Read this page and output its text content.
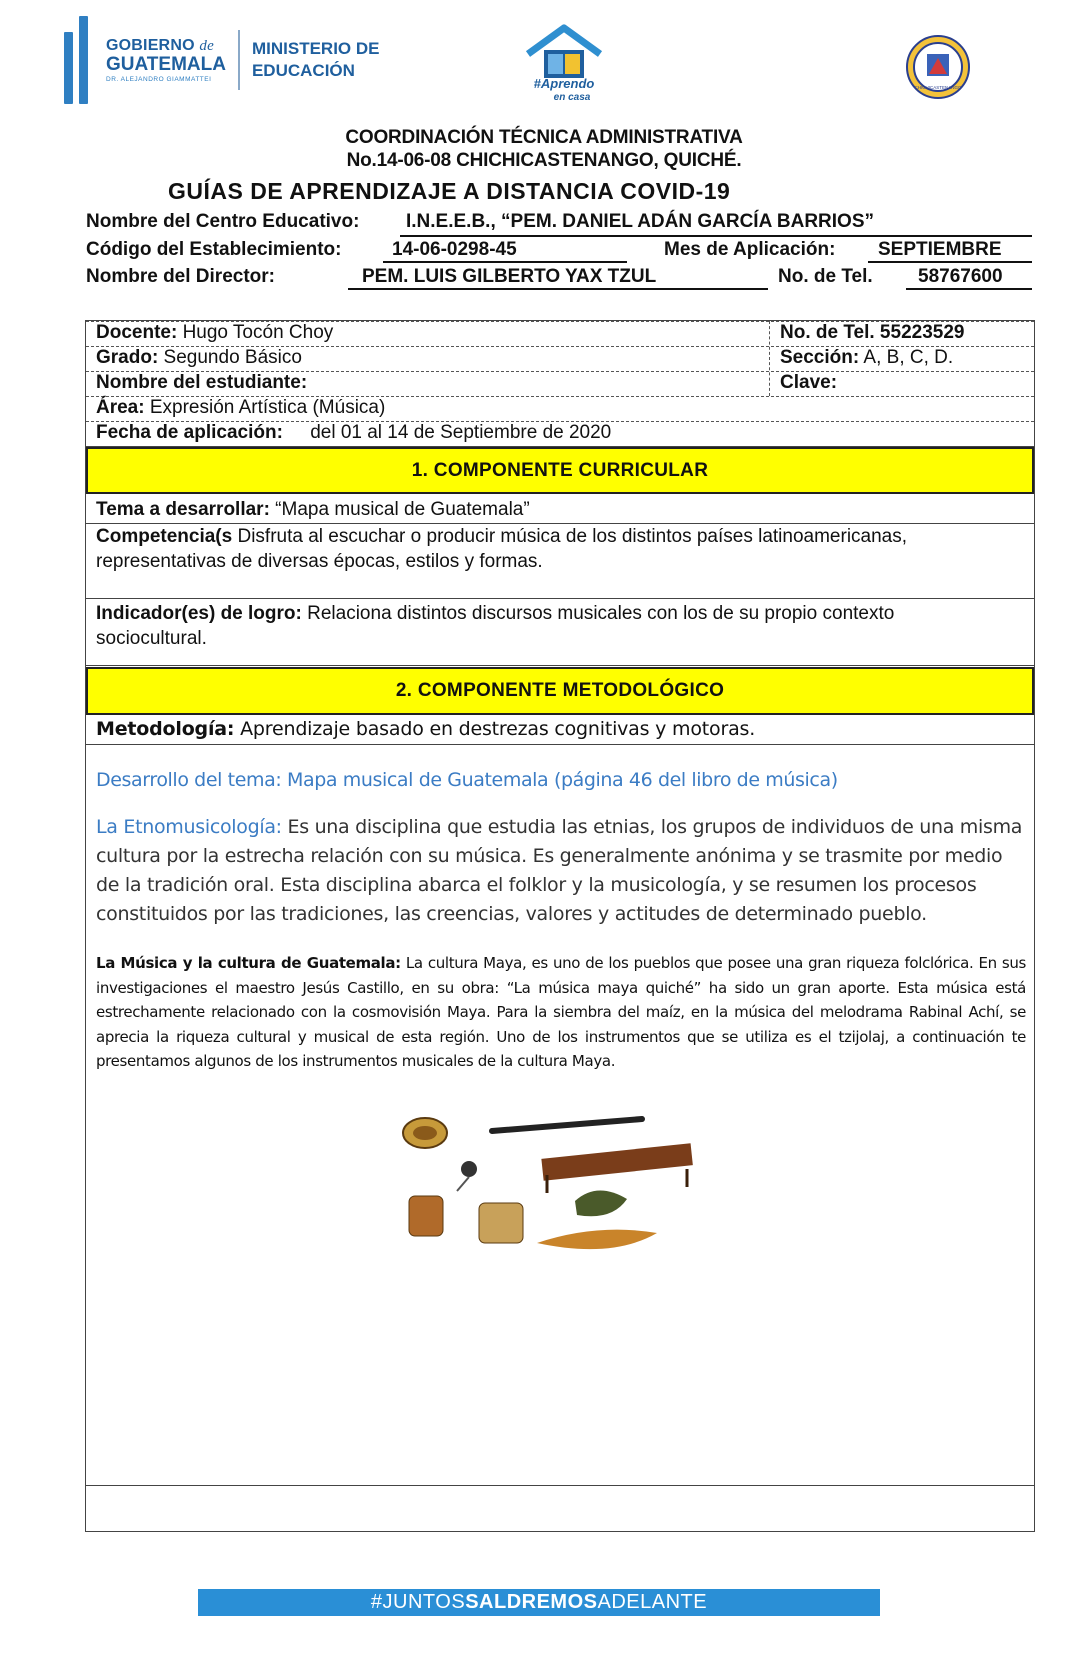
GOBIERNO de
GUATEMALA
DR. ALEJANDRO GIAMMATTEI
MINISTERIO DE
EDUCACIÓN
#Aprendo
en casa
CHICHICASTENANGO
COORDINACIÓN TÉCNICA ADMINISTRATIVA
No.14-06-08 CHICHICASTENANGO, QUICHÉ.
GUÍAS DE APRENDIZAJE A DISTANCIA COVID-19
Nombre del Centro Educativo:	I.N.E.E.B., “PEM. DANIEL ADÁN GARCÍA BARRIOS”
Código del Establecimiento:	14-06-0298-45	Mes de Aplicación:	SEPTIEMBRE
Nombre del Director:	PEM. LUIS GILBERTO YAX TZUL	No. de Tel.	58767600
Docente: Hugo Tocón Choy	No. de Tel. 55223529
Grado: Segundo Básico	Sección: A, B, C, D.
Nombre del estudiante:	Clave:
Área: Expresión Artística (Música)
Fecha de aplicación: del 01 al 14 de Septiembre de 2020
1. COMPONENTE CURRICULAR
Tema a desarrollar: “Mapa musical de Guatemala”
Competencia(s Disfruta al escuchar o producir música de los distintos países latinoamericanas,
representativas de diversas épocas, estilos y formas.
Indicador(es) de logro: Relaciona distintos discursos musicales con los de su propio contexto
sociocultural.
2. COMPONENTE METODOLÓGICO
Metodología: Aprendizaje basado en destrezas cognitivas y motoras.
Desarrollo del tema: Mapa musical de Guatemala (página 46 del libro de música)
La Etnomusicología: Es una disciplina que estudia las etnias, los grupos de individuos de una misma cultura por la estrecha relación con su música. Es generalmente anónima y se trasmite por medio de la tradición oral. Esta disciplina abarca el folklor y la musicología, y se resumen los procesos constituidos por las tradiciones, las creencias, valores y actitudes de determinado pueblo.
La Música y la cultura de Guatemala: La cultura Maya, es uno de los pueblos que posee una gran riqueza folclórica. En sus investigaciones el maestro Jesús Castillo, en su obra: “La música maya quiché” ha sido un gran aporte. Esta música está estrechamente relacionado con la cosmovisión Maya. Para la siembra del maíz, en la música del melodrama Rabinal Achí, se aprecia la riqueza cultural y musical de esta región. Uno de los instrumentos que se utiliza es el tzijolaj, a continuación te presentamos algunos de los instrumentos musicales de la cultura Maya.
#JUNTOSSALDREMOSADELANTE
